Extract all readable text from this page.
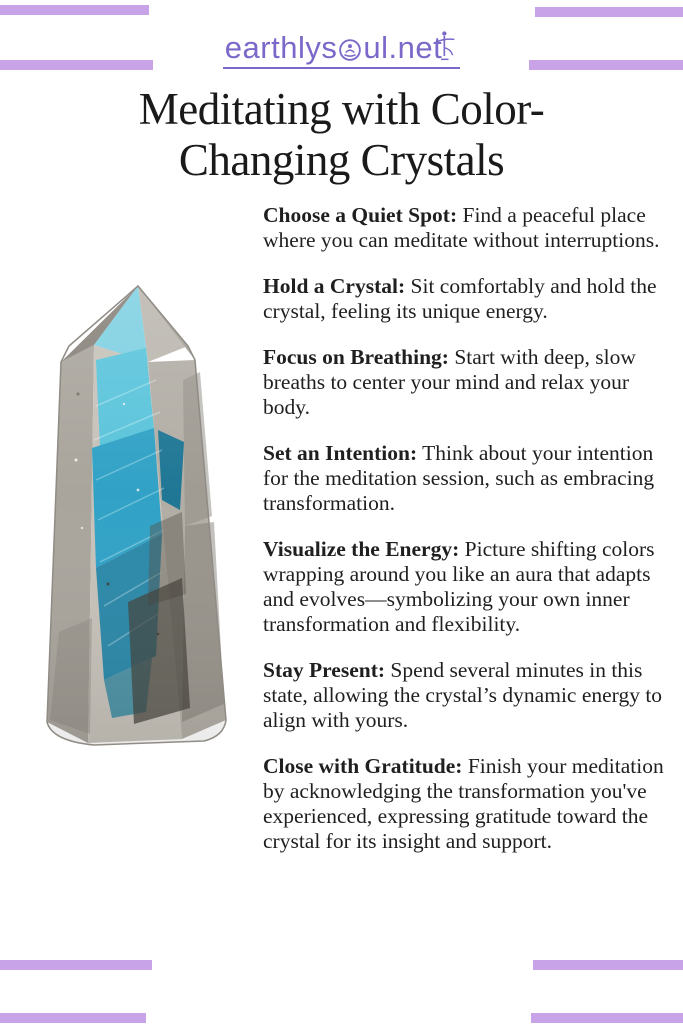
earthlys ul.net
Meditating with Color-
Changing Crystals

Choose a Quiet Spot: Find a peaceful place where you can meditate without interruptions.

Hold a Crystal: Sit comfortably and hold the crystal, feeling its unique energy.

Focus on Breathing: Start with deep, slow breaths to center your mind and relax your body.

Set an Intention: Think about your intention for the meditation session, such as embracing transformation.

Visualize the Energy: Picture shifting colors wrapping around you like an aura that adapts and evolves—symbolizing your own inner transformation and flexibility.

Stay Present: Spend several minutes in this state, allowing the crystal’s dynamic energy to align with yours.

Close with Gratitude: Finish your meditation by acknowledging the transformation you've experienced, expressing gratitude toward the crystal for its insight and support.
